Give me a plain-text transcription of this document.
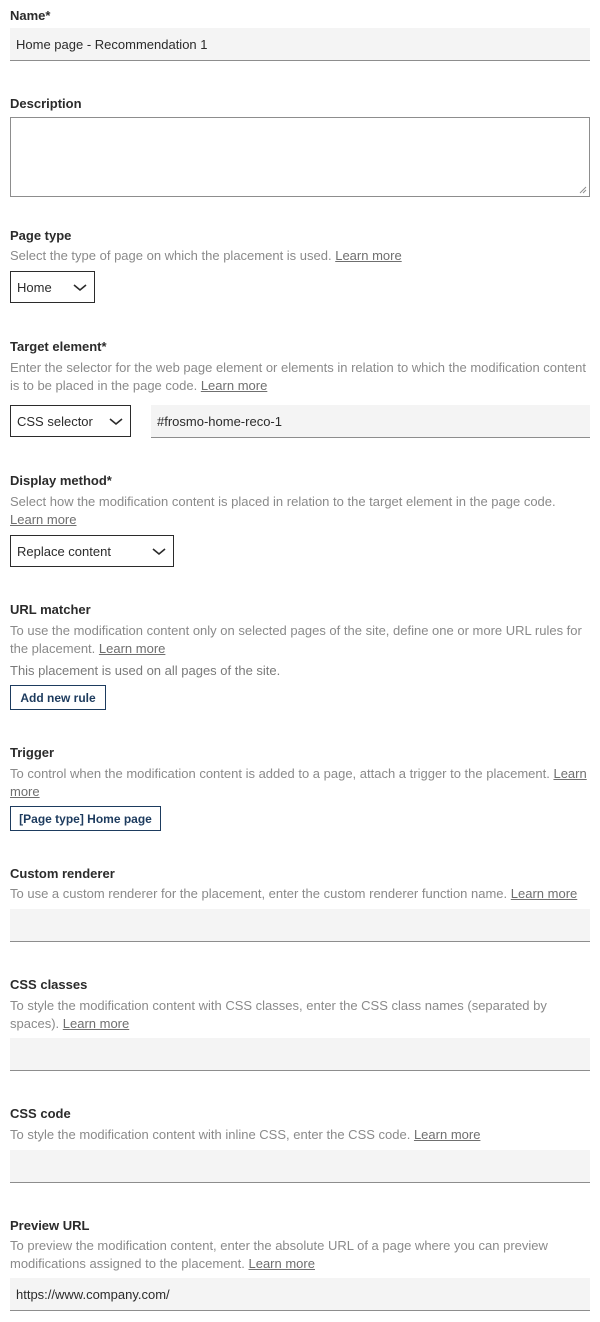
Name*
Home page - Recommendation 1
Description
Page type
Select the type of page on which the placement is used. Learn more
Home
Target element*
Enter the selector for the web page element or elements in relation to which the modification content is to be placed in the page code. Learn more
CSS selector	#frosmo-home-reco-1
Display method*
Select how the modification content is placed in relation to the target element in the page code. Learn more
Replace content
URL matcher
To use the modification content only on selected pages of the site, define one or more URL rules for the placement. Learn more
This placement is used on all pages of the site.
Add new rule
Trigger
To control when the modification content is added to a page, attach a trigger to the placement. Learn more
[Page type] Home page
Custom renderer
To use a custom renderer for the placement, enter the custom renderer function name. Learn more
CSS classes
To style the modification content with CSS classes, enter the CSS class names (separated by spaces). Learn more
CSS code
To style the modification content with inline CSS, enter the CSS code. Learn more
Preview URL
To preview the modification content, enter the absolute URL of a page where you can preview modifications assigned to the placement. Learn more
https://www.company.com/
